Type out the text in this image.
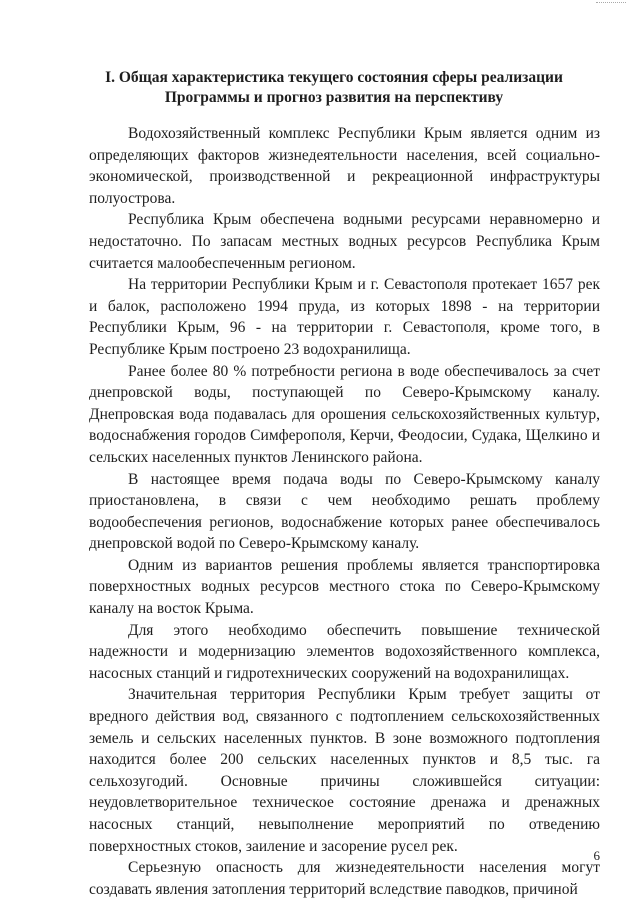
I. Общая характеристика текущего состояния сферы реализации Программы и прогноз развития на перспективу

Водохозяйственный комплекс Республики Крым является одним из определяющих факторов жизнедеятельности населения, всей социально-экономической, производственной и рекреационной инфраструктуры полуострова.

Республика Крым обеспечена водными ресурсами неравномерно и недостаточно. По запасам местных водных ресурсов Республика Крым считается малообеспеченным регионом.

На территории Республики Крым и г. Севастополя протекает 1657 рек и балок, расположено 1994 пруда, из которых 1898 - на территории Республики Крым, 96 - на территории г. Севастополя, кроме того, в Республике Крым построено 23 водохранилища.

Ранее более 80 % потребности региона в воде обеспечивалось за счет днепровской воды, поступающей по Северо-Крымскому каналу. Днепровская вода подавалась для орошения сельскохозяйственных культур, водоснабжения городов Симферополя, Керчи, Феодосии, Судака, Щелкино и сельских населенных пунктов Ленинского района.

В настоящее время подача воды по Северо-Крымскому каналу приостановлена, в связи с чем необходимо решать проблему водообеспечения регионов, водоснабжение которых ранее обеспечивалось днепровской водой по Северо-Крымскому каналу.

Одним из вариантов решения проблемы является транспортировка поверхностных водных ресурсов местного стока по Северо-Крымскому каналу на восток Крыма.

Для этого необходимо обеспечить повышение технической надежности и модернизацию элементов водохозяйственного комплекса, насосных станций и гидротехнических сооружений на водохранилищах.

Значительная территория Республики Крым требует защиты от вредного действия вод, связанного с подтоплением сельскохозяйственных земель и сельских населенных пунктов. В зоне возможного подтопления находится более 200 сельских населенных пунктов и 8,5 тыс. га сельхозугодий. Основные причины сложившейся ситуации: неудовлетворительное техническое состояние дренажа и дренажных насосных станций, невыполнение мероприятий по отведению поверхностных стоков, заиление и засорение русел рек.

Серьезную опасность для жизнедеятельности населения могут создавать явления затопления территорий вследствие паводков, причиной

6
